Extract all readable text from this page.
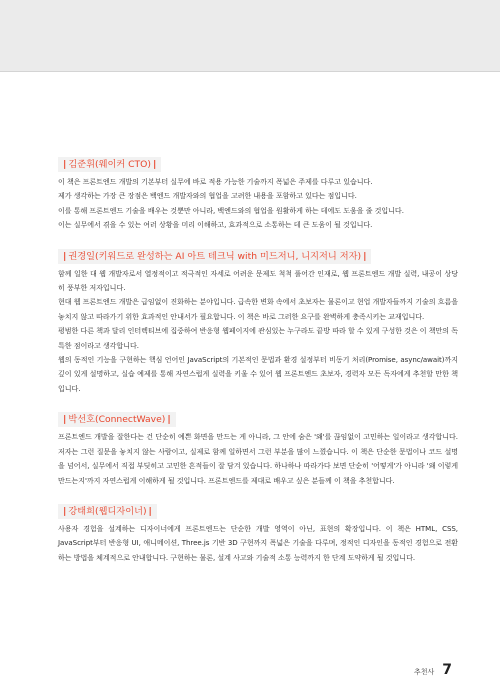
| 김준휘(웨이커 CTO) |

이 책은 프론트엔드 개발의 기본부터 실무에 바로 적용 가능한 기술까지 폭넓은 주제를 다루고 있습니다.

제가 생각하는 가장 큰 장점은 백엔드 개발자와의 협업을 고려한 내용을 포함하고 있다는 점입니다.

이를 통해 프론트엔드 기술을 배우는 것뿐만 아니라, 백엔드와의 협업을 원활하게 하는 데에도 도움을 줄 것입니다.

이는 실무에서 겪을 수 있는 여러 상황을 미리 이해하고, 효과적으로 소통하는 데 큰 도움이 될 것입니다.

| 권경일(키워드로 완성하는 AI 아트 테크닉 with 미드저니, 니지저니 저자) |

함께 일한 대 웹 개발자로서 열정적이고 적극적인 자세로 어려운 문제도 척척 풀어간 인재로, 웹 프론트엔드 개발 실력, 내공이 상당히 풍부한 저자입니다.

현대 웹 프론트엔드 개발은 급임없이 진화하는 분야입니다. 급속한 변화 속에서 초보자는 물론이고 현업 개발자들까지 기술의 흐름을 놓치지 않고 따라가기 위한 효과적인 안내서가 필요합니다. 이 책은 바로 그러한 요구를 완벽하게 충족시키는 교재입니다.

평범한 다른 책과 달리 인터렉티브에 집중하여 반응형 웹페이지에 관심있는 누구라도 끝방 따라 할 수 있게 구성한 것은 이 책만의 독특한 점이라고 생각합니다.

웹의 동적인 기능을 구현하는 핵심 언어인 JavaScript의 기본적인 문법과 환경 설정부터 비동기 처리(Promise, async/await)까지 깊이 있게 설명하고, 실습 예제를 통해 자연스럽게 실력을 키울 수 있어 웹 프론트엔드 초보자, 경력자 모든 독자에게 추천할 만한 책입니다.

| 박선호(ConnectWave) |

프론트엔드 개발을 잘한다는 건 단순히 예쁜 화면을 만드는 게 아니라, 그 안에 숨은 '왜'를 끊임없이 고민하는 일이라고 생각합니다. 저자는 그런 질문을 놓치지 않는 사람이고, 실제로 함께 일하면서 그런 부분을 많이 느꼈습니다. 이 책은 단순한 문법이나 코드 설명을 넘어서, 실무에서 직접 부딪히고 고민한 흔적들이 잘 담겨 있습니다. 하나하나 따라가다 보면 단순히 '어떻게'가 아니라 '왜 이렇게 만드는지'까지 자연스럽게 이해하게 될 것입니다. 프론트엔드를 제대로 배우고 싶은 분들께 이 책을 추천합니다.

| 강태희(웹디자이너) |

사용자 경험을 설계하는 디자이너에게 프론트엔드는 단순한 개발 영역이 아닌, 표현의 확장입니다. 이 책은 HTML, CSS, JavaScript부터 반응형 UI, 애니메이션, Three.js 기반 3D 구현까지 폭넓은 기술을 다루며, 정적인 디자인을 동적인 경험으로 전환하는 방법을 체계적으로 안내합니다. 구현하는 물론, 설계 사고와 기술적 소통 능력까지 한 단계 도약하게 될 것입니다.

추천사 7
